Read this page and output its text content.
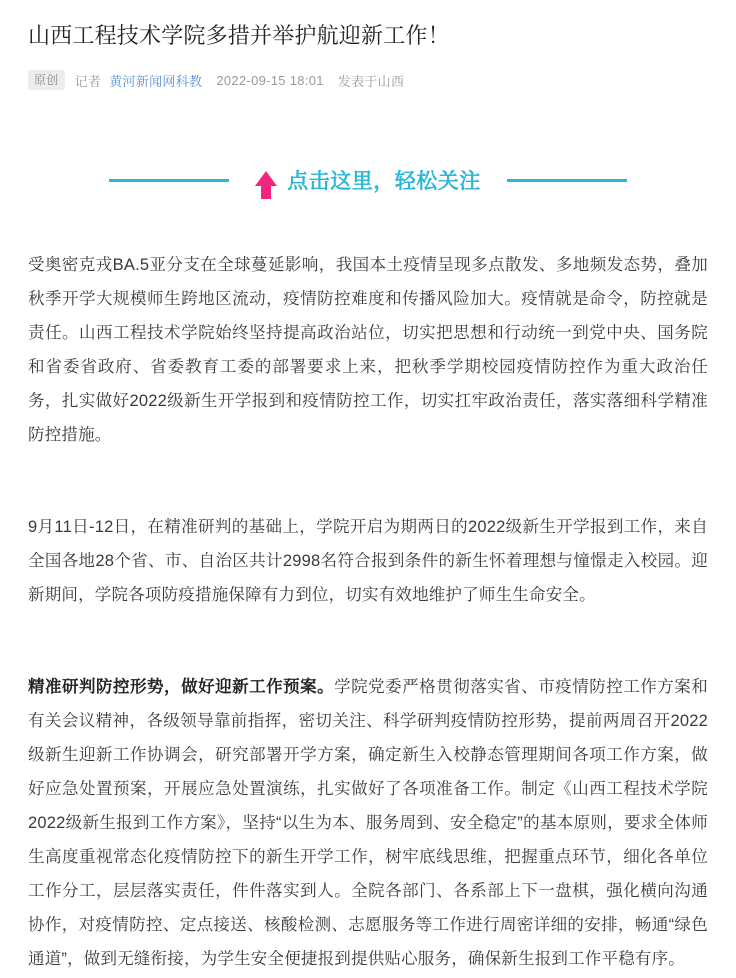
山西工程技术学院多措并举护航迎新工作！
原创	记者 黄河新闻网科教 2022-09-15 18:01 发表于山西
点击这里，轻松关注

受奥密克戎BA.5亚分支在全球蔓延影响，我国本土疫情呈现多点散发、多地频发态势，叠加秋季开学大规模师生跨地区流动，疫情防控难度和传播风险加大。疫情就是命令，防控就是责任。山西工程技术学院始终坚持提高政治站位，切实把思想和行动统一到党中央、国务院和省委省政府、省委教育工委的部署要求上来，把秋季学期校园疫情防控作为重大政治任务，扎实做好2022级新生开学报到和疫情防控工作，切实扛牢政治责任，落实落细科学精准防控措施。

9月11日-12日，在精准研判的基础上，学院开启为期两日的2022级新生开学报到工作，来自全国各地28个省、市、自治区共计2998名符合报到条件的新生怀着理想与憧憬走入校园。迎新期间，学院各项防疫措施保障有力到位，切实有效地维护了师生生命安全。

精准研判防控形势，做好迎新工作预案。学院党委严格贯彻落实省、市疫情防控工作方案和有关会议精神，各级领导靠前指挥，密切关注、科学研判疫情防控形势，提前两周召开2022级新生迎新工作协调会，研究部署开学方案，确定新生入校静态管理期间各项工作方案，做好应急处置预案，开展应急处置演练，扎实做好了各项准备工作。制定《山西工程技术学院2022级新生报到工作方案》，坚持“以生为本、服务周到、安全稳定”的基本原则，要求全体师生高度重视常态化疫情防控下的新生开学工作，树牢底线思维，把握重点环节，细化各单位工作分工，层层落实责任，件件落实到人。全院各部门、各系部上下一盘棋，强化横向沟通协作，对疫情防控、定点接送、核酸检测、志愿服务等工作进行周密详细的安排，畅通“绿色通道”，做到无缝衔接，为学生安全便捷报到提供贴心服务，确保新生报到工作平稳有序。
